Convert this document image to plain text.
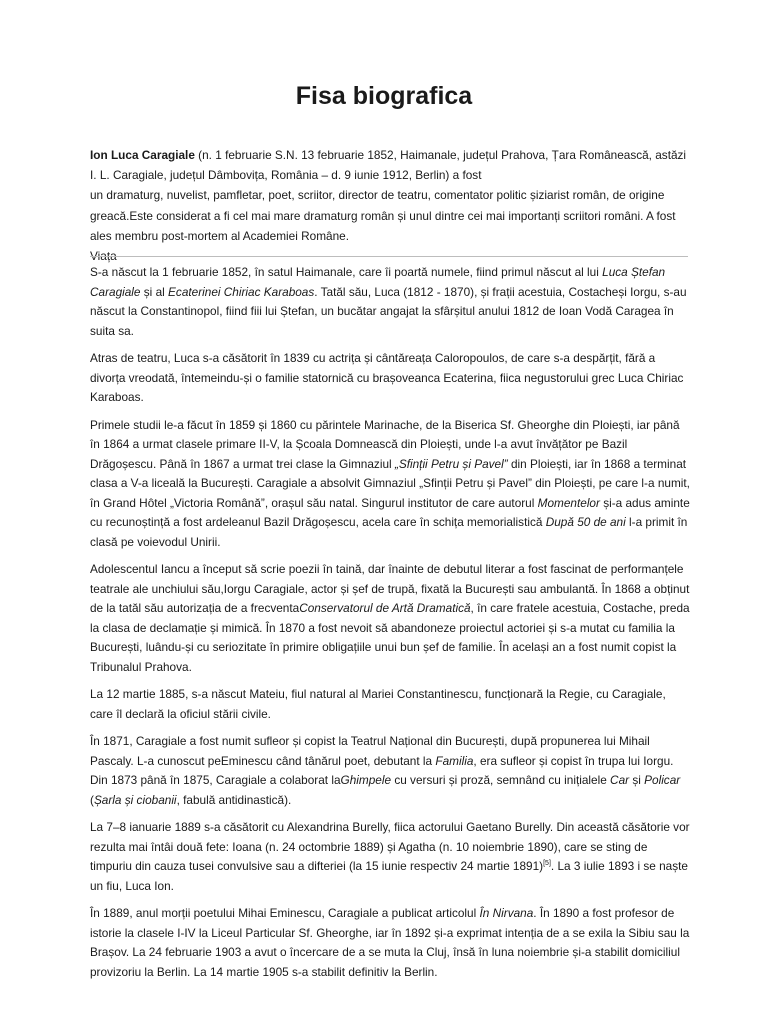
Fisa biografica

Ion Luca Caragiale (n. 1 februarie S.N. 13 februarie 1852, Haimanale, județul Prahova, Țara Românească, astăzi I. L. Caragiale, județul Dâmbovița, România – d. 9 iunie 1912, Berlin) a fost

un dramaturg, nuvelist, pamfletar, poet, scriitor, director de teatru, comentator politic șiziarist român, de origine greacă.Este considerat a fi cel mai mare dramaturg român și unul dintre cei mai importanți scriitori români. A fost ales membru post-mortem al Academiei Române.

Viața

S-a născut la 1 februarie 1852, în satul Haimanale, care îi poartă numele, fiind primul născut al lui Luca Ștefan Caragiale și al Ecaterinei Chiriac Karaboas. Tatăl său, Luca (1812 - 1870), și frații acestuia, Costacheși Iorgu, s-au născut la Constantinopol, fiind fiii lui Ștefan, un bucătar angajat la sfârșitul anului 1812 de Ioan Vodă Caragea în suita sa.

Atras de teatru, Luca s-a căsătorit în 1839 cu actrița și cântăreața Caloropoulos, de care s-a despărțit, fără a divorța vreodată, întemeindu-și o familie statornică cu brașoveanca Ecaterina, fiica negustorului grec Luca Chiriac Karaboas.

Primele studii le-a făcut în 1859 și 1860 cu părintele Marinache, de la Biserica Sf. Gheorghe din Ploiești, iar până în 1864 a urmat clasele primare II-V, la Școala Domnească din Ploiești, unde l-a avut învățător pe Bazil Drăgoșescu. Până în 1867 a urmat trei clase la Gimnaziul „Sfinții Petru și Pavel” din Ploiești, iar în 1868 a terminat clasa a V-a liceală la București. Caragiale a absolvit Gimnaziul „Sfinții Petru și Pavel” din Ploiești, pe care l-a numit, în Grand Hôtel „Victoria Română”, orașul său natal. Singurul institutor de care autorul Momentelor și-a adus aminte cu recunoștință a fost ardeleanul Bazil Drăgoșescu, acela care în schița memorialistică După 50 de ani l-a primit în clasă pe voievodul Unirii.

Adolescentul Iancu a început să scrie poezii în taină, dar înainte de debutul literar a fost fascinat de performanțele teatrale ale unchiului său,Iorgu Caragiale, actor și șef de trupă, fixată la București sau ambulantă. În 1868 a obținut de la tatăl său autorizația de a frecventaConservatorul de Artă Dramatică, în care fratele acestuia, Costache, preda la clasa de declamație și mimică. În 1870 a fost nevoit să abandoneze proiectul actoriei și s-a mutat cu familia la București, luându-și cu seriozitate în primire obligațiile unui bun șef de familie. În același an a fost numit copist la Tribunalul Prahova.

La 12 martie 1885, s-a născut Mateiu, fiul natural al Mariei Constantinescu, funcționară la Regie, cu Caragiale, care îl declară la oficiul stării civile.

În 1871, Caragiale a fost numit sufleor și copist la Teatrul Național din București, după propunerea lui Mihail Pascaly. L-a cunoscut peEminescu când tânărul poet, debutant la Familia, era sufleor și copist în trupa lui Iorgu. Din 1873 până în 1875, Caragiale a colaborat laGhimpele cu versuri și proză, semnând cu inițialele Car și Policar (Șarla și ciobanii, fabulă antidinastică).

La 7–8 ianuarie 1889 s-a căsătorit cu Alexandrina Burelly, fiica actorului Gaetano Burelly. Din această căsătorie vor rezulta mai întâi două fete: Ioana (n. 24 octombrie 1889) și Agatha (n. 10 noiembrie 1890), care se sting de timpuriu din cauza tusei convulsive sau a difteriei (la 15 iunie respectiv 24 martie 1891)[5]. La 3 iulie 1893 i se naște un fiu, Luca Ion.

În 1889, anul morții poetului Mihai Eminescu, Caragiale a publicat articolul În Nirvana. În 1890 a fost profesor de istorie la clasele I-IV la Liceul Particular Sf. Gheorghe, iar în 1892 și-a exprimat intenția de a se exila la Sibiu sau la Brașov. La 24 februarie 1903 a avut o încercare de a se muta la Cluj, însă în luna noiembrie și-a stabilit domiciliul provizoriu la Berlin. La 14 martie 1905 s-a stabilit definitiv la Berlin.
